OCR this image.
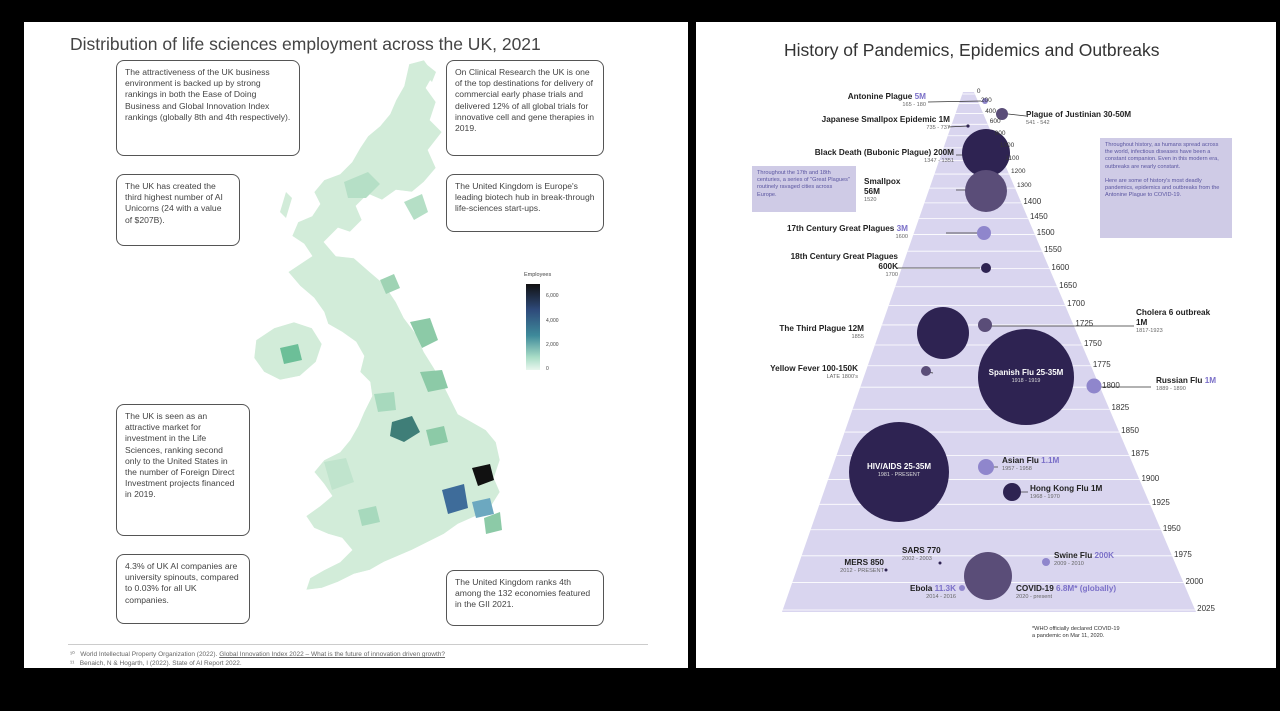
Distribution of life sciences employment across the UK, 2021
Employees
6,000
4,000
2,000
0
The attractiveness of the UK business environment is backed up by strong rankings in both the Ease of Doing Business and Global Innovation Index rankings (globally 8th and 4th respectively).
On Clinical Research the UK is one of the top destinations for delivery of commercial early phase trials and delivered 12% of all global trials for innovative cell and gene therapies in 2019.
The UK has created the third highest number of AI Unicorns (24 with a value of $207B).
The United Kingdom is Europe's leading biotech hub in break-through life-sciences start-ups.
The UK is seen as an attractive market for investment in the Life Sciences, ranking second only to the United States in the number of Foreign Direct Investment projects financed in 2019.
4.3% of UK AI companies are university spinouts, compared to 0.03% for all UK companies.
The United Kingdom ranks 4th among the 132 economies featured in the GII 2021.
¹⁰ World Intellectual Property Organization (2022). Global Innovation Index 2022 – What is the future of innovation driven growth?
¹¹ Benaich, N & Hogarth, I (2022). State of AI Report 2022.
History of Pandemics, Epidemics and Outbreaks
0
200
400
600
800
1000
1100
1200
1300
1400
1450
1500
1550
1600
1650
1700
1725
1750
1775
1800
1825
1850
1875
1900
1925
1950
1975
2000
2025
Spanish Flu 25-35M
1918 - 1919
HIV/AIDS 25-35M
1981 - PRESENT
Antonine Plague 5M
165 - 180
Plague of Justinian 30-50M
541 - 542
Japanese Smallpox Epidemic 1M
735 - 737
Black Death (Bubonic Plague) 200M
1347 - 1351
Smallpox
56M
1520
17th Century Great Plagues 3M
1600
18th Century Great Plagues
600K
1700
Cholera 6 outbreak
1M
1817-1923
The Third Plague 12M
1855
Yellow Fever 100-150K
LATE 1800's	Russian Flu 1M
1889 - 1890
Asian Flu 1.1M
1957 - 1958
Hong Kong Flu 1M
1968 - 1970
SARS 770
2002 - 2003
MERS 850
2012 - PRESENT
Swine Flu 200K
2009 - 2010
Ebola 11.3K
2014 - 2016
COVID-19 6.8M* (globally)
2020 - present
Throughout the 17th and 18th centuries, a series of "Great Plagues" routinely ravaged cities across Europe.
Throughout history, as humans spread across the world, infectious diseases have been a constant companion. Even in this modern era, outbreaks are nearly constant.

Here are some of history's most deadly pandemics, epidemics and outbreaks from the Antonine Plague to COVID-19.
*WHO officially declared COVID-19
a pandemic on Mar 11, 2020.
